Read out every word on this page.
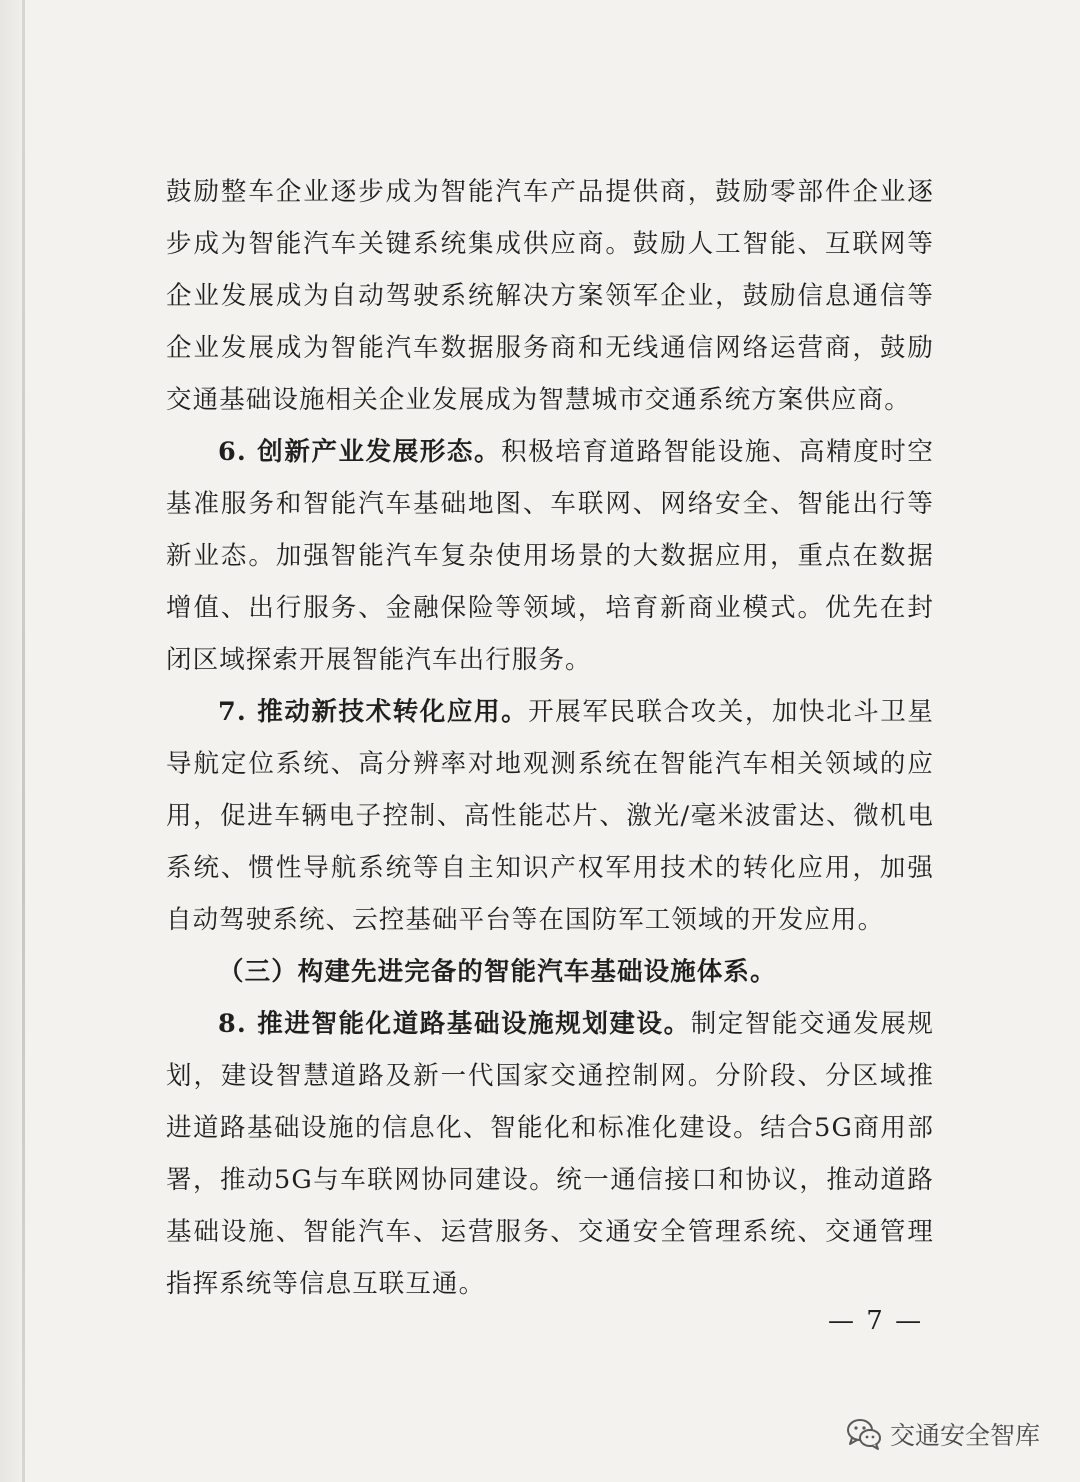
鼓励整车企业逐步成为智能汽车产品提供商，鼓励零部件企业逐步成为智能汽车关键系统集成供应商。鼓励人工智能、互联网等企业发展成为自动驾驶系统解决方案领军企业，鼓励信息通信等企业发展成为智能汽车数据服务商和无线通信网络运营商，鼓励交通基础设施相关企业发展成为智慧城市交通系统方案供应商。

6. 创新产业发展形态。积极培育道路智能设施、高精度时空基准服务和智能汽车基础地图、车联网、网络安全、智能出行等新业态。加强智能汽车复杂使用场景的大数据应用，重点在数据增值、出行服务、金融保险等领域，培育新商业模式。优先在封闭区域探索开展智能汽车出行服务。

7. 推动新技术转化应用。开展军民联合攻关，加快北斗卫星导航定位系统、高分辨率对地观测系统在智能汽车相关领域的应用，促进车辆电子控制、高性能芯片、激光/毫米波雷达、微机电系统、惯性导航系统等自主知识产权军用技术的转化应用，加强自动驾驶系统、云控基础平台等在国防军工领域的开发应用。

（三）构建先进完备的智能汽车基础设施体系。

8. 推进智能化道路基础设施规划建设。制定智能交通发展规划，建设智慧道路及新一代国家交通控制网。分阶段、分区域推进道路基础设施的信息化、智能化和标准化建设。结合5G商用部署，推动5G与车联网协同建设。统一通信接口和协议，推动道路基础设施、智能汽车、运营服务、交通安全管理系统、交通管理指挥系统等信息互联互通。

— 7 —
交通安全智库
